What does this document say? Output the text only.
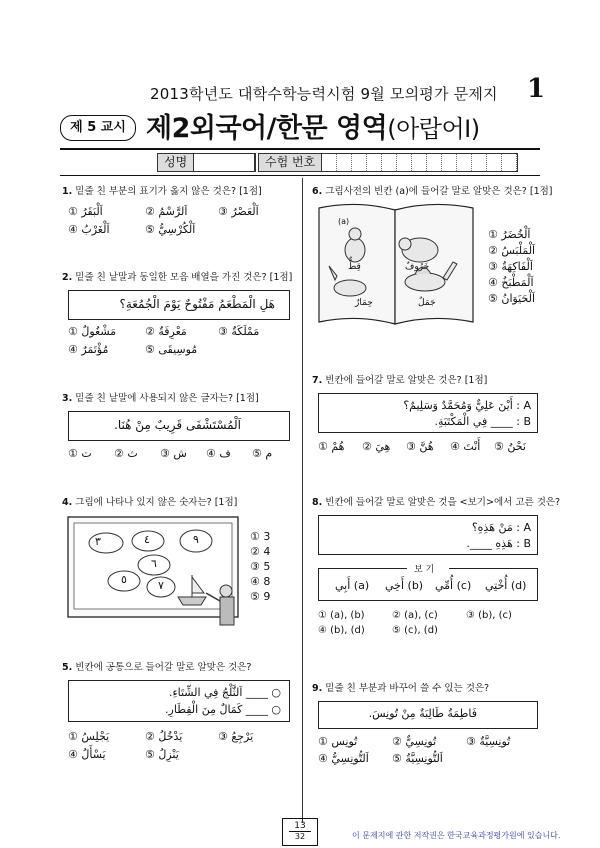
2013학년도 대학수학능력시험 9월 모의평가 문제지 1
제 5 교시 제2외국어/한문 영역(아랍어Ⅰ)
성명	수험 번호
1. 밑줄 친 부분의 표기가 옳지 않은 것은? [1점]
① اَلْبَقَرُ	② اَلرَّسْمُ	③ اَلْعَصْرُ
④ اَلْغَرْبُ	⑤ اَلْكُرْسِيُّ
2. 밑줄 친 낱말과 동일한 모음 배열을 가진 것은? [1점]
هَلِ الْمَطْعَمُ مَفْتُوحٌ يَوْمَ الْجُمُعَةِ؟
① مَشْغُولٌ	② مَعْرِفَةٌ	③ مَمْلَكَةٌ
④ مُؤْتَمَرٌ	⑤ مُوسِيقَى
3. 밑줄 친 낱말에 사용되지 않은 글자는? [1점]
اَلْمُسْتَشْفَى قَرِيبٌ مِنْ هُنَا.
① ت ② ث ③ ش ④ ف ⑤ م
4. 그림에 나타나 있지 않은 숫자는? [1점]
٣	٤	٩
٦
٥	٧
① 3
② 4
③ 5
④ 8
⑤ 9
5. 빈칸에 공통으로 들어갈 말로 알맞은 것은?
○ ____ اَلثَّلْجُ فِي الشِّتَاءِ.
○ ____ كَمَالٌ مِنَ الْقِطَارِ.
① يَجْلِسُ	② يَدْخُلُ	③ يَرْجِعُ
④ يَسْأَلُ	⑤ يَنْزِلُ
6. 그림사전의 빈칸 (a)에 들어갈 말로 알맞은 것은? [1점]
(a)
قِطٌّ	خَرُوفٌ
حِمَارٌ	جَمَلٌ
① اَلْخُضَرُ
② اَلْمَلْبَسُ
③ اَلْفَاكِهَةُ
④ اَلْمَطْبَخُ
⑤ اَلْحَيَوَانُ
7. 빈칸에 들어갈 말로 알맞은 것은? [1점]
A : أَيْنَ عَلِيٌّ وَمُحَمَّدٌ وَسَلِيمٌ؟
B : ____ فِي الْمَكْتَبَةِ.
① هُمْ ② هِيَ ③ هُنَّ ④ أَنْتَ ⑤ نَحْنُ
8. 빈칸에 들어갈 말로 알맞은 것을 <보기>에서 고른 것은?
A : مَنْ هَذِهِ؟
B : هَذِهِ ____.
보 기
(a) أَبِي (b) أَخِي (c) أُمِّي (d) أُخْتِي
① (a), (b)	② (a), (c)	③ (b), (c)
④ (b), (d)	⑤ (c), (d)
9. 밑줄 친 부분과 바꾸어 쓸 수 있는 것은?
فَاطِمَةُ طَالِبَةٌ مِنْ تُونِسَ.
① تُونِس	② تُونِسِيٌّ	③ تُونِسِيَّةٌ
④ اَلتُّونِسِيُّ ⑤ اَلتُّونِسِيَّةُ
13
32	이 문제지에 관한 저작권은 한국교육과정평가원에 있습니다.
